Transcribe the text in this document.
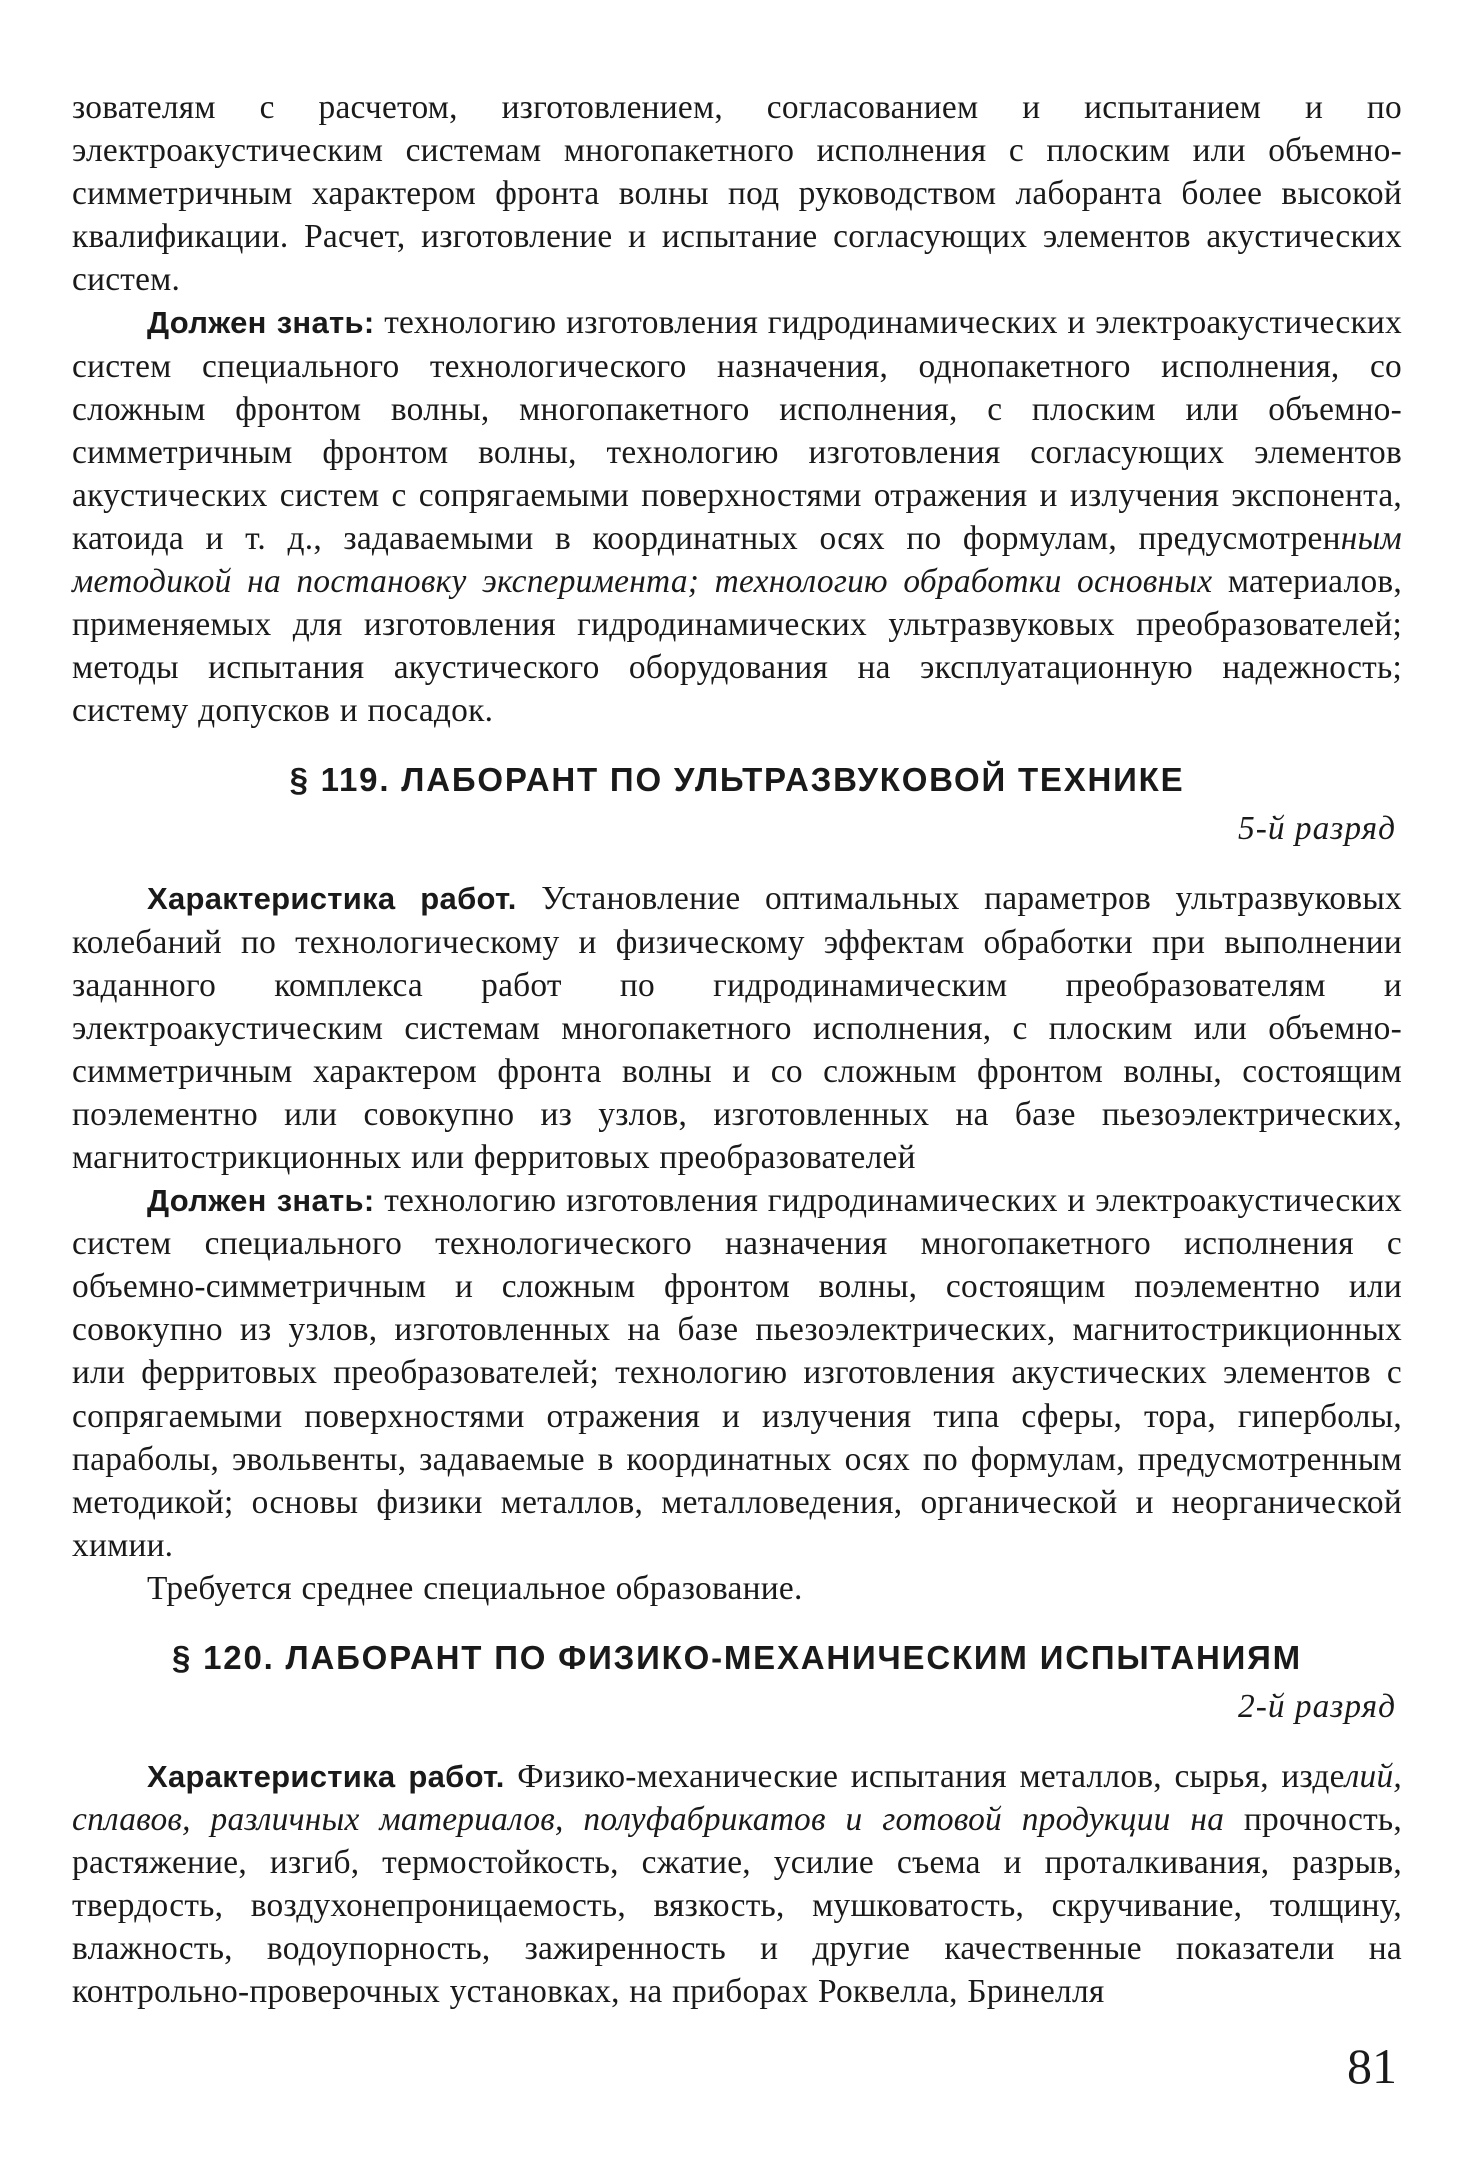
зователям с расчетом, изготовлением, согласованием и испытанием и по электроакустическим системам многопакетного исполнения с плоским или объемно-симметричным характером фронта волны под руководством лаборанта более высокой квалификации. Расчет, изготовление и испытание согласующих элементов акустических систем.

Должен знать: технологию изготовления гидродинамических и электроакустических систем специального технологического назначения, однопакетного исполнения, со сложным фронтом волны, многопакетного исполнения, с плоским или объемно-симметричным фронтом волны, технологию изготовления согласующих элементов акустических систем с сопрягаемыми поверхностями отражения и излучения экспонента, катоида и т. д., задаваемыми в координатных осях по формулам, предусмотренным методикой на постановку эксперимента; технологию обработки основных материалов, применяемых для изготовления гидродинамических ультразвуковых преобразователей; методы испытания акустического оборудования на эксплуатационную надежность; систему допусков и посадок.

§ 119. ЛАБОРАНТ ПО УЛЬТРАЗВУКОВОЙ ТЕХНИКЕ
5-й разряд

Характеристика работ. Установление оптимальных параметров ультразвуковых колебаний по технологическому и физическому эффектам обработки при выполнении заданного комплекса работ по гидродинамическим преобразователям и электроакустическим системам многопакетного исполнения, с плоским или объемно-симметричным характером фронта волны и со сложным фронтом волны, состоящим поэлементно или совокупно из узлов, изготовленных на базе пьезоэлектрических, магнитострикционных или ферритовых преобразователей

Должен знать: технологию изготовления гидродинамических и электроакустических систем специального технологического назначения многопакетного исполнения с объемно-симметричным и сложным фронтом волны, состоящим поэлементно или совокупно из узлов, изготовленных на базе пьезоэлектрических, магнитострикционных или ферритовых преобразователей; технологию изготовления акустических элементов с сопрягаемыми поверхностями отражения и излучения типа сферы, тора, гиперболы, параболы, эвольвенты, задаваемые в координатных осях по формулам, предусмотренным методикой; основы физики металлов, металловедения, органической и неорганической химии.

Требуется среднее специальное образование.

§ 120. ЛАБОРАНТ ПО ФИЗИКО-МЕХАНИЧЕСКИМ ИСПЫТАНИЯМ
2-й разряд

Характеристика работ. Физико-механические испытания металлов, сырья, изделий, сплавов, различных материалов, полуфабрикатов и готовой продукции на прочность, растяжение, изгиб, термостойкость, сжатие, усилие съема и проталкивания, разрыв, твердость, воздухонепроницаемость, вязкость, мушковатость, скручивание, толщину, влажность, водоупорность, зажиренность и другие качественные показатели на контрольно-проверочных установках, на приборах Роквелла, Бринелля

81
